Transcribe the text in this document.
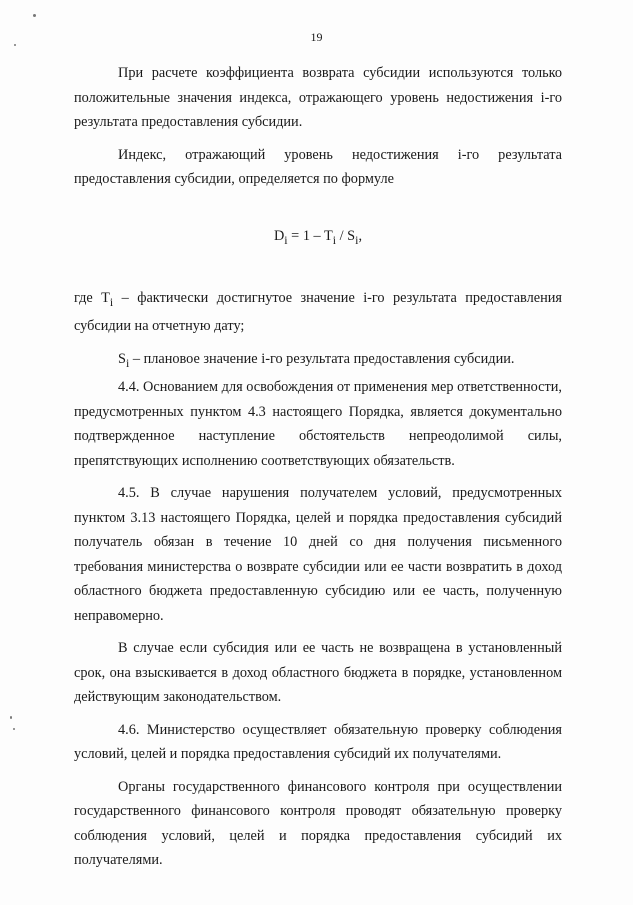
19

При расчете коэффициента возврата субсидии используются только положительные значения индекса, отражающего уровень недостижения i-го результата предоставления субсидии.

Индекс, отражающий уровень недостижения i-го результата предоставления субсидии, определяется по формуле

$D_i = 1 - T_i / S_i$,

где $T_i$ – фактически достигнутое значение i-го результата предоставления субсидии на отчетную дату;

$S_i$ – плановое значение i-го результата предоставления субсидии.

4.4. Основанием для освобождения от применения мер ответственности, предусмотренных пунктом 4.3 настоящего Порядка, является документально подтвержденное наступление обстоятельств непреодолимой силы, препятствующих исполнению соответствующих обязательств.

4.5. В случае нарушения получателем условий, предусмотренных пунктом 3.13 настоящего Порядка, целей и порядка предоставления субсидий получатель обязан в течение 10 дней со дня получения письменного требования министерства о возврате субсидии или ее части возвратить в доход областного бюджета предоставленную субсидию или ее часть, полученную неправомерно.

В случае если субсидия или ее часть не возвращена в установленный срок, она взыскивается в доход областного бюджета в порядке, установленном действующим законодательством.

4.6. Министерство осуществляет обязательную проверку соблюдения условий, целей и порядка предоставления субсидий их получателями.

Органы государственного финансового контроля при осуществлении государственного финансового контроля проводят обязательную проверку соблюдения условий, целей и порядка предоставления субсидий их получателями.
